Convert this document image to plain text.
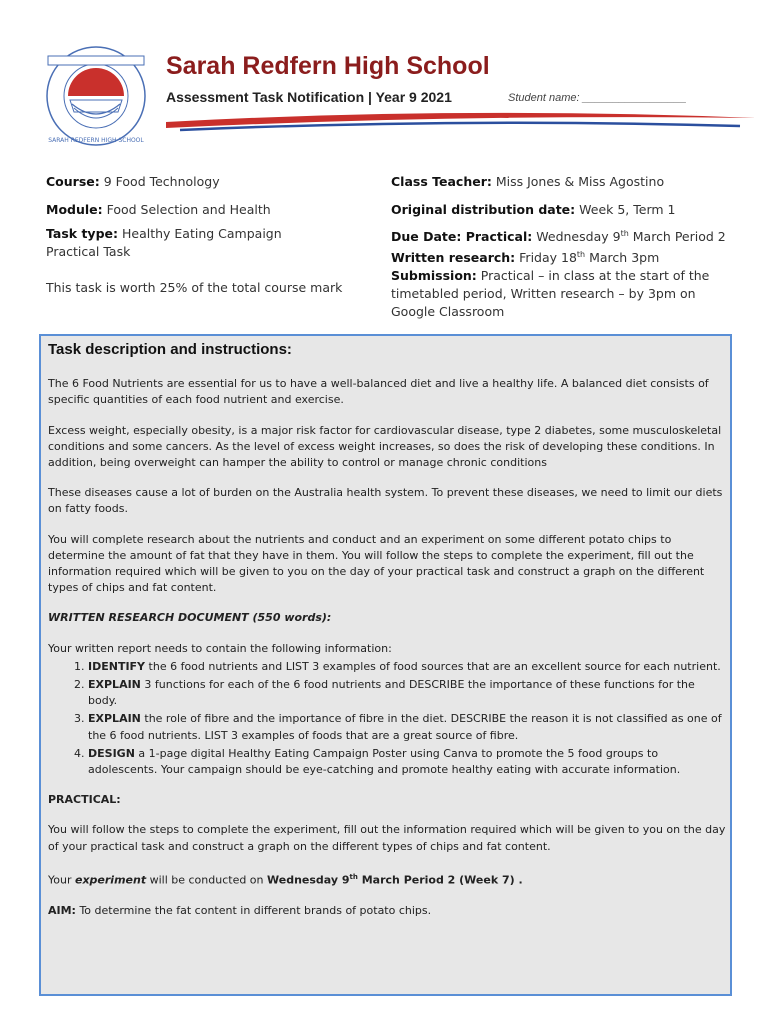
SARAH REDFERN HIGH SCHOOL
Sarah Redfern High School
Assessment Task Notification | Year 9 2021	Student name: _________________
Course: 9 Food Technology
Module: Food Selection and Health
Task type: Healthy Eating Campaign
Practical Task
This task is worth 25% of the total course mark
Class Teacher: Miss Jones & Miss Agostino
Original distribution date: Week 5, Term 1
Due Date: Practical: Wednesday 9th March Period 2
Written research: Friday 18th March 3pm
Submission: Practical – in class at the start of the timetabled period, Written research – by 3pm on Google Classroom
Task description and instructions:

The 6 Food Nutrients are essential for us to have a well-balanced diet and live a healthy life. A balanced diet consists of specific quantities of each food nutrient and exercise.

Excess weight, especially obesity, is a major risk factor for cardiovascular disease, type 2 diabetes, some musculoskeletal conditions and some cancers. As the level of excess weight increases, so does the risk of developing these conditions. In addition, being overweight can hamper the ability to control or manage chronic conditions

These diseases cause a lot of burden on the Australia health system. To prevent these diseases, we need to limit our diets on fatty foods.

You will complete research about the nutrients and conduct and an experiment on some different potato chips to determine the amount of fat that they have in them. You will follow the steps to complete the experiment, fill out the information required which will be given to you on the day of your practical task and construct a graph on the different types of chips and fat content.

WRITTEN RESEARCH DOCUMENT (550 words):

Your written report needs to contain the following information:

1. IDENTIFY the 6 food nutrients and LIST 3 examples of food sources that are an excellent source for each nutrient.
2. EXPLAIN 3 functions for each of the 6 food nutrients and DESCRIBE the importance of these functions for the body.
3. EXPLAIN the role of fibre and the importance of fibre in the diet. DESCRIBE the reason it is not classified as one of the 6 food nutrients. LIST 3 examples of foods that are a great source of fibre.
4. DESIGN a 1-page digital Healthy Eating Campaign Poster using Canva to promote the 5 food groups to adolescents. Your campaign should be eye-catching and promote healthy eating with accurate information.

PRACTICAL:

You will follow the steps to complete the experiment, fill out the information required which will be given to you on the day of your practical task and construct a graph on the different types of chips and fat content.

Your experiment will be conducted on Wednesday 9th March Period 2 (Week 7) .

AIM: To determine the fat content in different brands of potato chips.
